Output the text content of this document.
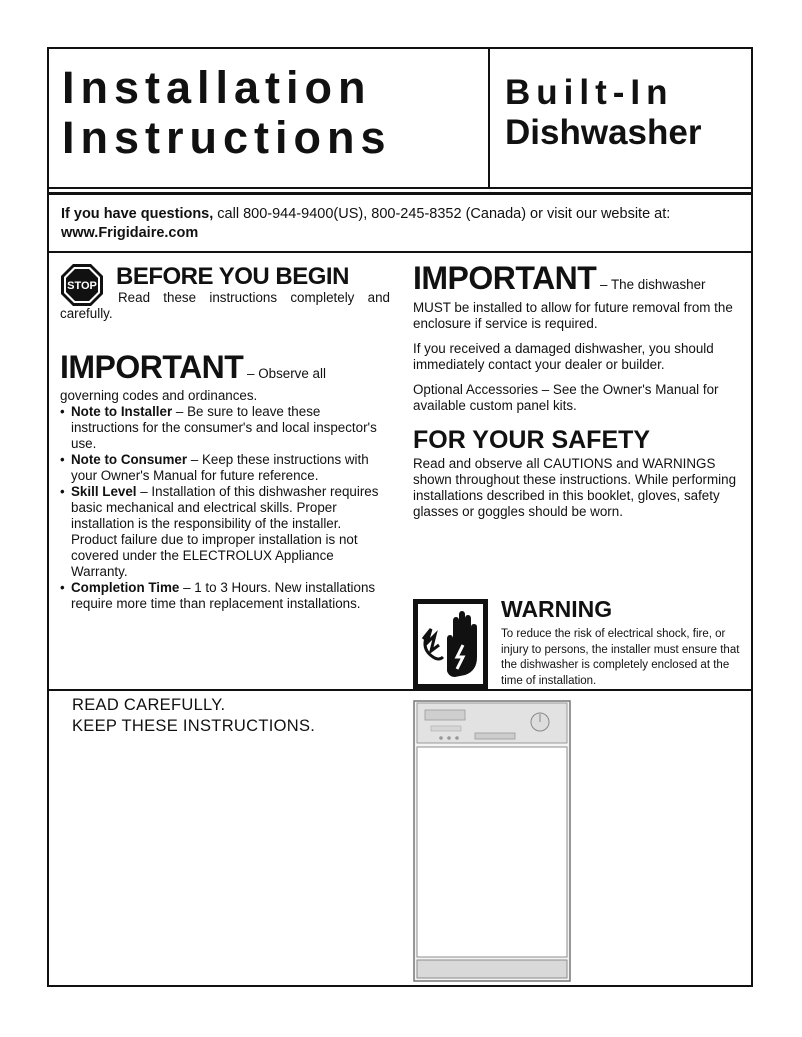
Installation
Instructions
Built-In
Dishwasher
If you have questions, call 800-944-9400(US), 800-245-8352 (Canada) or visit our website at:
www.Frigidaire.com
STOP BEFORE YOU BEGIN

Read these instructions completely and carefully.

IMPORTANT – Observe all

governing codes and ordinances.

• Note to Installer – Be sure to leave these instructions for the consumer's and local inspector's use.
• Note to Consumer – Keep these instructions with your Owner's Manual for future reference.
• Skill Level – Installation of this dishwasher requires basic mechanical and electrical skills. Proper installation is the responsibility of the installer. Product failure due to improper installation is not covered under the ELECTROLUX Appliance Warranty.
• Completion Time – 1 to 3 Hours. New installations require more time than replacement installations.

IMPORTANT – The dishwasher

MUST be installed to allow for future removal from the enclosure if service is required.

If you received a damaged dishwasher, you should immediately contact your dealer or builder.

Optional Accessories – See the Owner's Manual for available custom panel kits.

FOR YOUR SAFETY

Read and observe all CAUTIONS and WARNINGS shown throughout these instructions. While performing installations described in this booklet, gloves, safety glasses or goggles should be worn.

WARNING

To reduce the risk of electrical shock, fire, or injury to persons, the installer must ensure that the dishwasher is completely enclosed at the time of installation.

READ CAREFULLY.
KEEP THESE INSTRUCTIONS.
